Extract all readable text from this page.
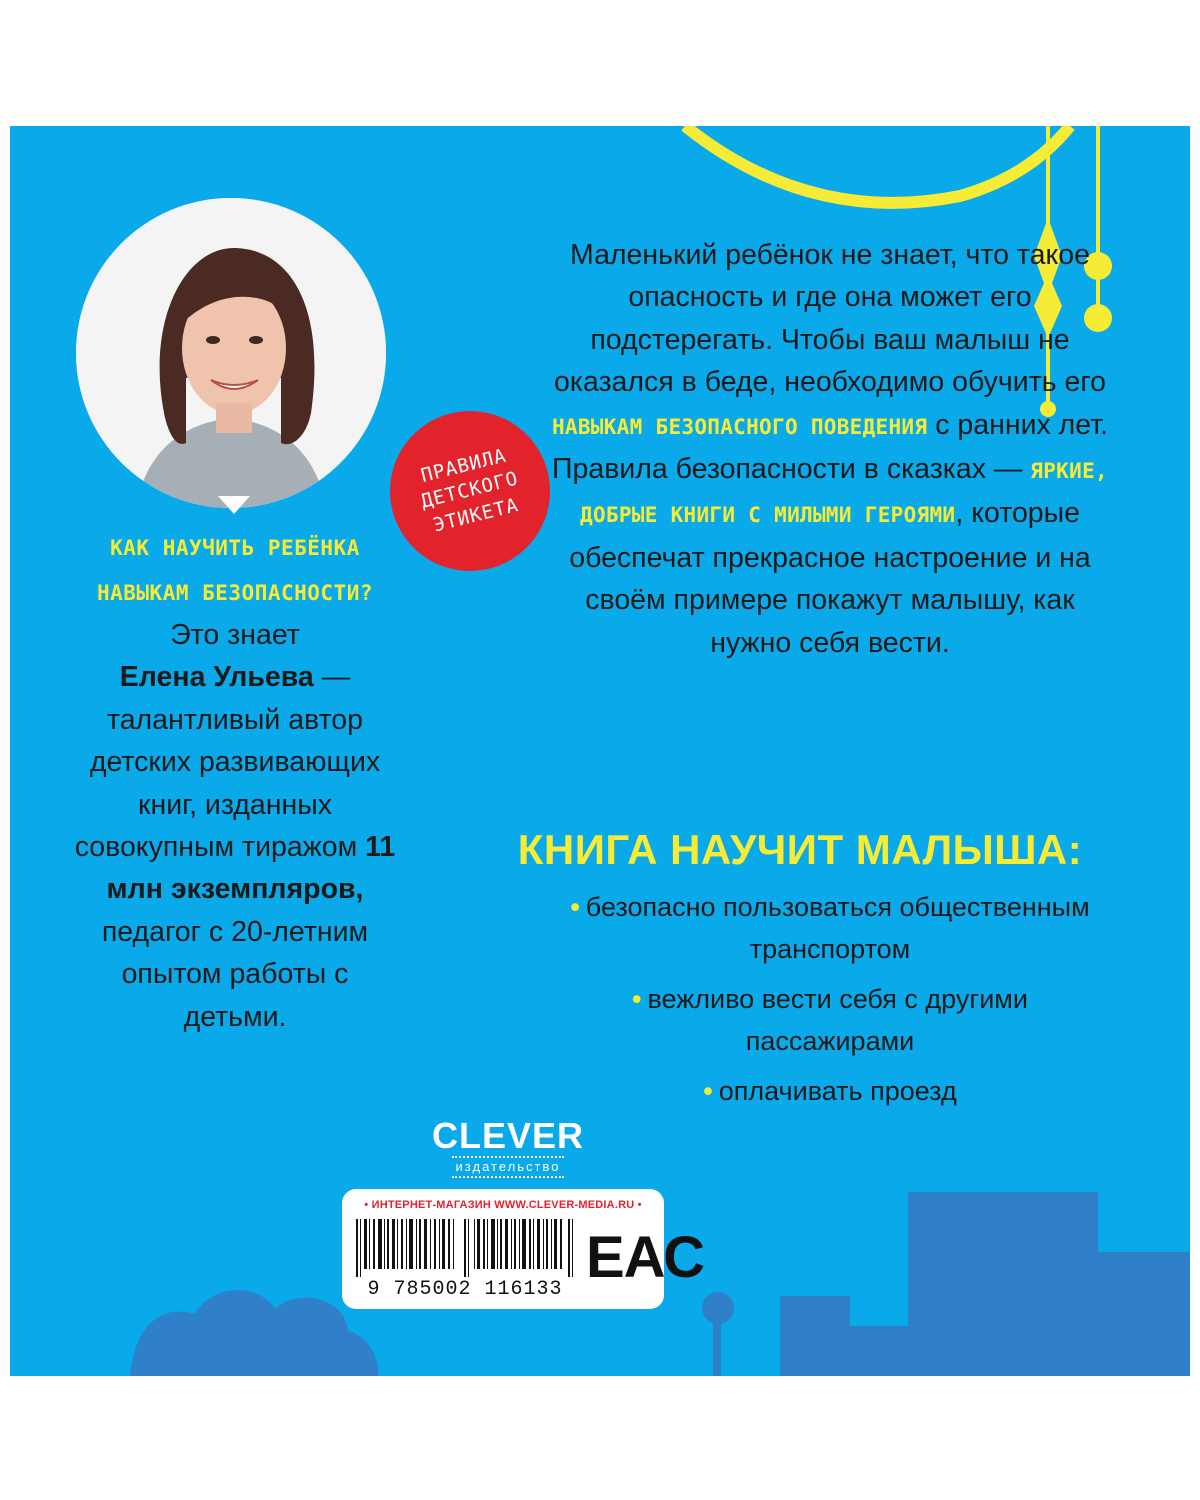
ПРАВИЛА
ДЕТСКОГО
ЭТИКЕТА
КАК НАУЧИТЬ РЕБЁНКА
НАВЫКАМ БЕЗОПАСНОСТИ?
Это знает
Елена Ульева — талантливый автор детских развивающих книг, изданных совокупным тиражом 11 млн экземпляров, педагог с 20-летним опытом работы с детьми.
Маленький ребёнок не знает, что такое опасность и где она может его подстерегать. Чтобы ваш малыш не оказался в беде, необходимо обучить его НАВЫКАМ БЕЗОПАСНОГО ПОВЕДЕНИЯ с ранних лет. Правила безопасности в сказках — ЯРКИЕ, ДОБРЫЕ КНИГИ С МИЛЫМИ ГЕРОЯМИ, которые обеспечат прекрасное настроение и на своём примере покажут малышу, как нужно себя вести.
КНИГА НАУЧИТ МАЛЫША:
• безопасно пользоваться общественным транспортом
• вежливо вести себя с другими пассажирами
• оплачивать проезд
CLEVER
издательство
• ИНТЕРНЕТ-МАГАЗИН WWW.CLEVER-MEDIA.RU •
9 785002 116133 ЕАС
